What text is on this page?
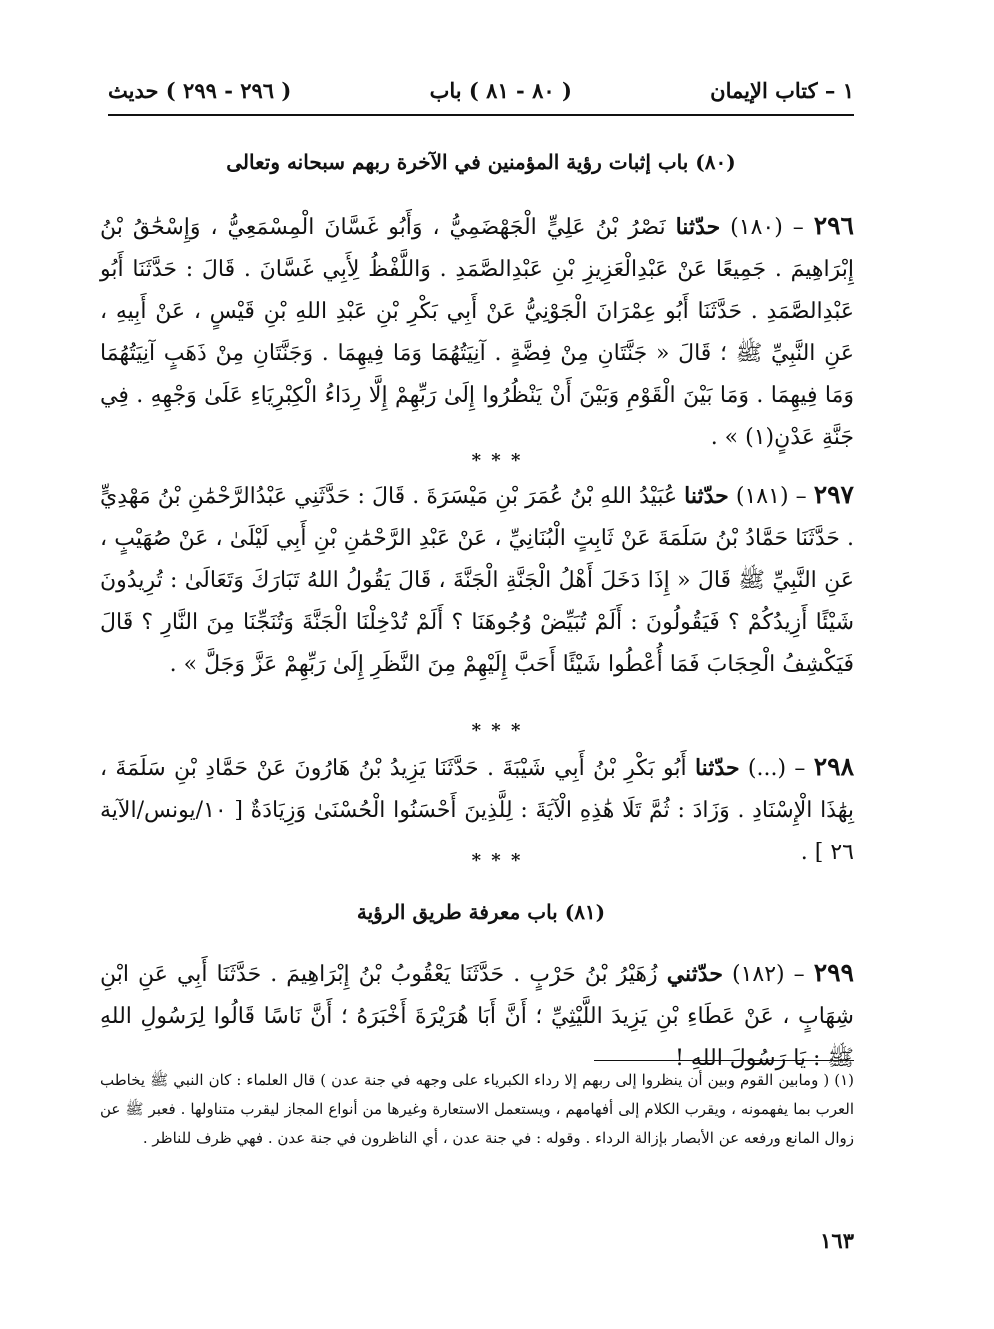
١ – كتاب الإيمان
( ٨٠ - ٨١ ) باب
( ٢٩٦ - ٢٩٩ ) حديث
(٨٠) باب إثبات رؤية المؤمنين في الآخرة ربهم سبحانه وتعالى
٢٩٦ – (١٨٠) حدّثنا نَصْرُ بْنُ عَلِيٍّ الْجَهْضَمِيُّ ، وَأَبُو غَسَّانَ الْمِسْمَعِيُّ ، وَإِسْحَٰقُ بْنُ إِبْرَاهِيمَ . جَمِيعًا عَنْ عَبْدِالْعَزِيزِ بْنِ عَبْدِالصَّمَدِ . وَاللَّفْظُ لِأَبِي غَسَّانَ . قَالَ : حَدَّثَنَا أَبُو عَبْدِالصَّمَدِ . حَدَّثَنَا أَبُو عِمْرَانَ الْجَوْنِيُّ عَنْ أَبِي بَكْرِ بْنِ عَبْدِ اللهِ بْنِ قَيْسٍ ، عَنْ أَبِيهِ ، عَنِ النَّبِيِّ ﷺ ؛ قَالَ « جَنَّتَانِ مِنْ فِضَّةٍ . آنِيَتُهُمَا وَمَا فِيهِمَا . وَجَنَّتَانِ مِنْ ذَهَبٍ آنِيَتُهُمَا وَمَا فِيهِمَا . وَمَا بَيْنَ الْقَوْمِ وَبَيْنَ أَنْ يَنْظُرُوا إِلَىٰ رَبِّهِمْ إِلَّا رِدَاءُ الْكِبْرِيَاءِ عَلَىٰ وَجْهِهِ . فِي جَنَّةِ عَدْنٍ(١) » .
* * *
٢٩٧ – (١٨١) حدّثنا عُبَيْدُ اللهِ بْنُ عُمَرَ بْنِ مَيْسَرَةَ . قَالَ : حَدَّثَنِي عَبْدُالرَّحْمَٰنِ بْنُ مَهْدِيٍّ . حَدَّثَنَا حَمَّادُ بْنُ سَلَمَةَ عَنْ ثَابِتٍ الْبُنَانِيِّ ، عَنْ عَبْدِ الرَّحْمَٰنِ بْنِ أَبِي لَيْلَىٰ ، عَنْ صُهَيْبٍ ، عَنِ النَّبِيِّ ﷺ قَالَ « إِذَا دَخَلَ أَهْلُ الْجَنَّةِ الْجَنَّةَ ، قَالَ يَقُولُ اللهُ تَبَارَكَ وَتَعَالَىٰ : تُرِيدُونَ شَيْئًا أَزِيدُكُمْ ؟ فَيَقُولُونَ : أَلَمْ تُبَيِّضْ وُجُوهَنَا ؟ أَلَمْ تُدْخِلْنَا الْجَنَّةَ وَتُنَجِّنَا مِنَ النَّارِ ؟ قَالَ فَيَكْشِفُ الْحِجَابَ فَمَا أُعْطُوا شَيْئًا أَحَبَّ إِلَيْهِمْ مِنَ النَّظَرِ إِلَىٰ رَبِّهِمْ عَزَّ وَجَلَّ » .
* * *
٢٩٨ – (...) حدّثنا أَبُو بَكْرِ بْنُ أَبِي شَيْبَةَ . حَدَّثَنَا يَزِيدُ بْنُ هَارُونَ عَنْ حَمَّادِ بْنِ سَلَمَةَ ، بِهَٰذَا الْإِسْنَادِ . وَزَادَ : ثُمَّ تَلَا هَٰذِهِ الْآيَةَ : لِلَّذِينَ أَحْسَنُوا الْحُسْنَىٰ وَزِيَادَةٌ [ ١٠/يونس/الآية ٢٦ ] .
* * *
(٨١) باب معرفة طريق الرؤية
٢٩٩ – (١٨٢) حدّثني زُهَيْرُ بْنُ حَرْبٍ . حَدَّثَنَا يَعْقُوبُ بْنُ إِبْرَاهِيمَ . حَدَّثَنَا أَبِي عَنِ ابْنِ شِهَابٍ ، عَنْ عَطَاءِ بْنِ يَزِيدَ اللَّيْثِيِّ ؛ أَنَّ أَبَا هُرَيْرَةَ أَخْبَرَهُ ؛ أَنَّ نَاسًا قَالُوا لِرَسُولِ اللهِ ﷺ : يَا رَسُولَ اللهِ !
(١) ( ومابين القوم وبين أن ينظروا إلى ربهم إلا رداء الكبرياء على وجهه في جنة عدن ) قال العلماء : كان النبي ﷺ يخاطب العرب بما يفهمونه ، ويقرب الكلام إلى أفهامهم ، ويستعمل الاستعارة وغيرها من أنواع المجاز ليقرب متناولها . فعبر ﷺ عن زوال المانع ورفعه عن الأبصار بإزالة الرداء . وقوله : في جنة عدن ، أي الناظرون في جنة عدن . فهي ظرف للناظر .
١٦٣
